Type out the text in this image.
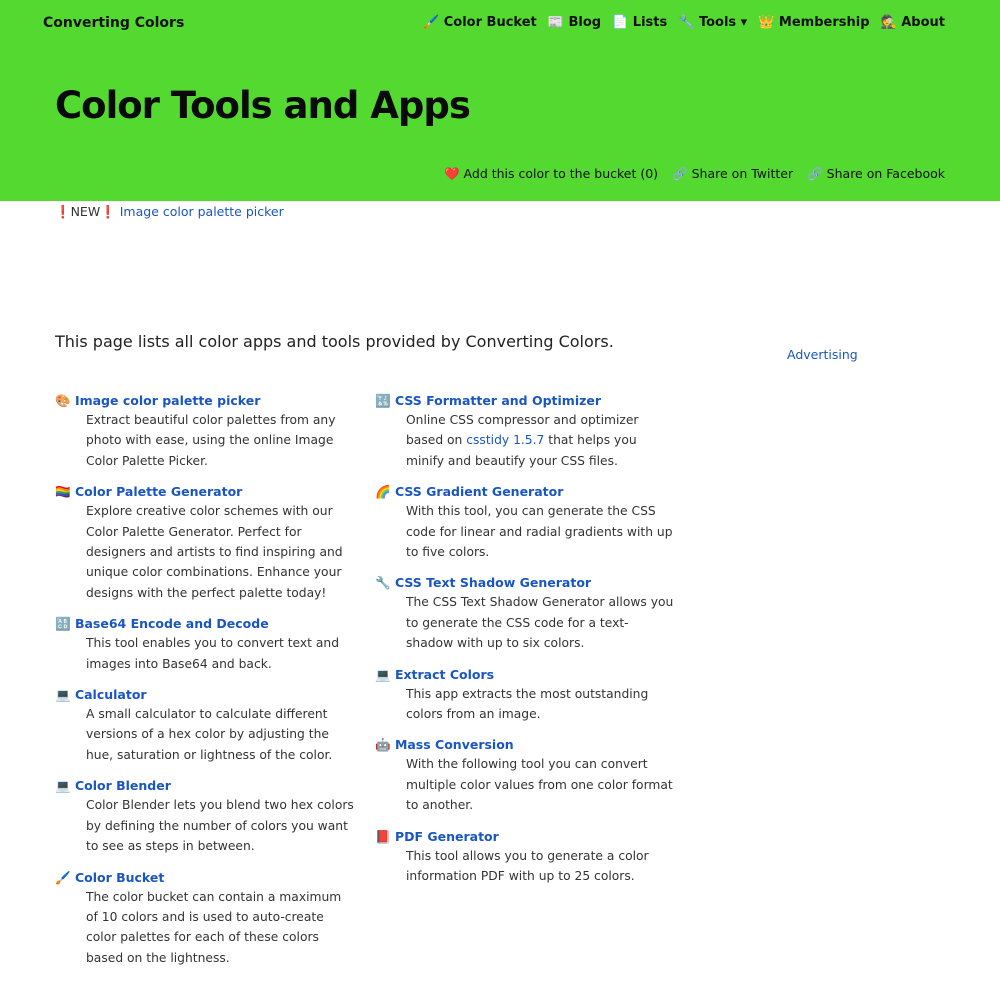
Converting Colors	🖌️ Color Bucket 📰 Blog 📄 Lists 🔧 Tools ▾ 👑 Membership 🕵️ About
Color Tools and Apps
❤️ Add this color to the bucket (0) 🔗 Share on Twitter 🔗 Share on Facebook
❗NEW❗ Image color palette picker
This page lists all color apps and tools provided by Converting Colors.
Advertising
🎨 Image color palette picker
Extract beautiful color palettes from any photo with ease, using the online Image Color Palette Picker.
🏳️‍🌈 Color Palette Generator
Explore creative color schemes with our Color Palette Generator. Perfect for designers and artists to find inspiring and unique color combinations. Enhance your designs with the perfect palette today!
🔠 Base64 Encode and Decode
This tool enables you to convert text and images into Base64 and back.
💻 Calculator
A small calculator to calculate different versions of a hex color by adjusting the hue, saturation or lightness of the color.
💻 Color Blender
Color Blender lets you blend two hex colors by defining the number of colors you want to see as steps in between.
🖌️ Color Bucket
The color bucket can contain a maximum of 10 colors and is used to auto-create color palettes for each of these colors based on the lightness.
🔣 CSS Formatter and Optimizer
Online CSS compressor and optimizer based on csstidy 1.5.7 that helps you minify and beautify your CSS files.
🌈 CSS Gradient Generator
With this tool, you can generate the CSS code for linear and radial gradients with up to five colors.
🔧 CSS Text Shadow Generator
The CSS Text Shadow Generator allows you to generate the CSS code for a text-shadow with up to six colors.
💻 Extract Colors
This app extracts the most outstanding colors from an image.
🤖 Mass Conversion
With the following tool you can convert multiple color values from one color format to another.
📕 PDF Generator
This tool allows you to generate a color information PDF with up to 25 colors.
